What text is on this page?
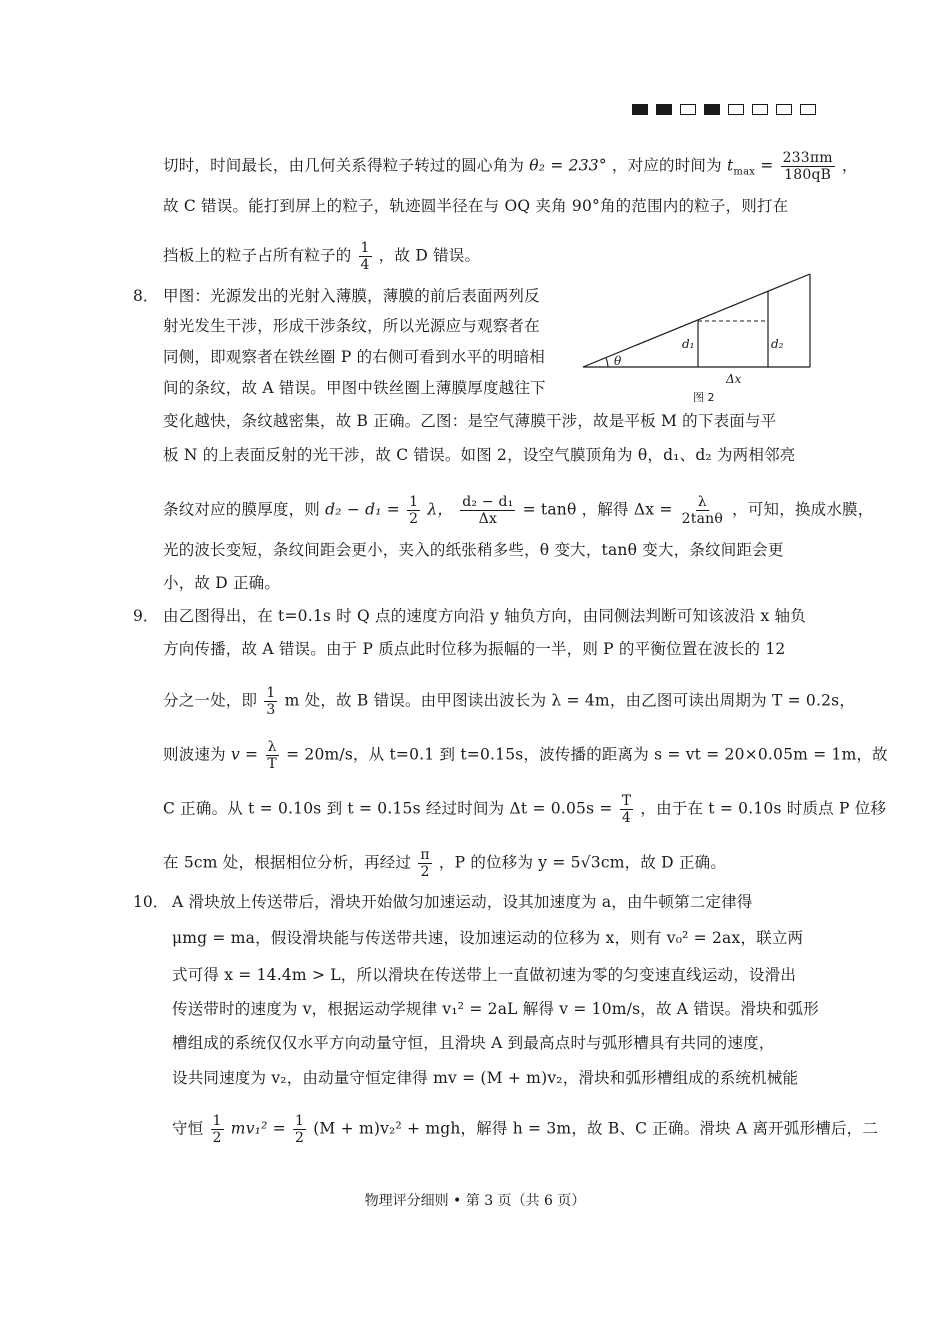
切时，时间最长，由几何关系得粒子转过的圆心角为 θ₂ = 233° ，对应的时间为 $t_{max} = \frac{233\pi m}{180qB}$ ，
故 C 错误。能打到屏上的粒子，轨迹圆半径在与 OQ 夹角 90°角的范围内的粒子，则打在
挡板上的粒子占所有粒子的 $\frac{1}{4}$ ，故 D 错误。
8． 甲图：光源发出的光射入薄膜，薄膜的前后表面两列反
射光发生干涉，形成干涉条纹，所以光源应与观察者在
同侧，即观察者在铁丝圈 P 的右侧可看到水平的明暗相
间的条纹，故 A 错误。甲图中铁丝圈上薄膜厚度越往下
变化越快，条纹越密集，故 B 正确。乙图：是空气薄膜干涉，故是平板 M 的下表面与平
板 N 的上表面反射的光干涉，故 C 错误。如图 2，设空气膜顶角为 θ，d₁、d₂ 为两相邻亮
条纹对应的膜厚度，则 $d_2 - d_1 = \frac{1}{2}$ λ， $\frac{\text{d₂ − d₁}}{\Delta x} = \tan\theta$ ，解得 $\Delta x = \frac{\lambda}{2\tan\theta}$ ，可知，换成水膜，
光的波长变短，条纹间距会更小，夹入的纸张稍多些，θ 变大，tanθ 变大，条纹间距会更
小，故 D 正确。
θ
d₁	d₂
Δx
图 2
9． 由乙图得出，在 t=0.1s 时 Q 点的速度方向沿 y 轴负方向，由同侧法判断可知该波沿 x 轴负
方向传播，故 A 错误。由于 P 质点此时位移为振幅的一半，则 P 的平衡位置在波长的 12
分之一处，即 $\frac{1}{3}$ m 处，故 B 错误。由甲图读出波长为 λ = 4m，由乙图可读出周期为 T = 0.2s，
则波速为 $v = \frac{\lambda}{T} = 20m/s$，从 t=0.1 到 t=0.15s，波传播的距离为 s = vt = 20×0.05m = 1m，故
C 正确。从 t = 0.10s 到 t = 0.15s 经过时间为 $\Delta t = 0.05s = \frac{T}{4}$ ，由于在 t = 0.10s 时质点 P 位移
在 5cm 处，根据相位分析，再经过 $\frac{\pi}{2}$ ，P 的位移为 y = 5√3cm，故 D 正确。
10． A 滑块放上传送带后，滑块开始做匀加速运动，设其加速度为 a，由牛顿第二定律得
μmg = ma，假设滑块能与传送带共速，设加速运动的位移为 x，则有 v₀² = 2ax，联立两
式可得 x = 14.4m > L，所以滑块在传送带上一直做初速为零的匀变速直线运动，设滑出
传送带时的速度为 v，根据运动学规律 v₁² = 2aL 解得 v = 10m/s，故 A 错误。滑块和弧形
槽组成的系统仅仅水平方向动量守恒，且滑块 A 到最高点时与弧形槽具有共同的速度，
设共同速度为 v₂，由动量守恒定律得 mv = (M + m)v₂，滑块和弧形槽组成的系统机械能
守恒 $\frac{1}{2} mv_1^2 = \frac{1}{2} (M + m)v_2^2$ + mgh，解得 h = 3m，故 B、C 正确。滑块 A 离开弧形槽后，二
物理评分细则 • 第 3 页（共 6 页）
